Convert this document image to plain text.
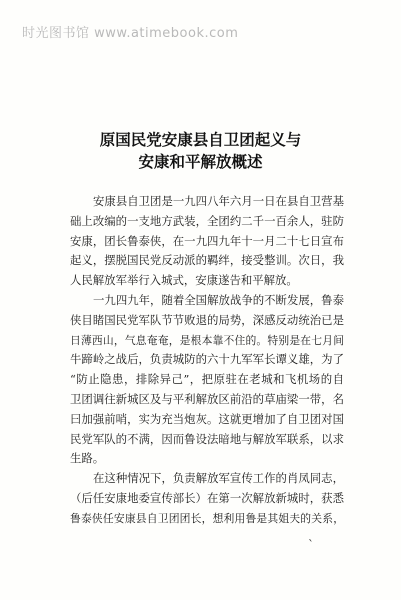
时光图书馆 www.atimebook.com
原国民党安康县自卫团起义与
安康和平解放概述
安康县自卫团是一九四八年六月一日在县自卫营基
础上改编的一支地方武装，全团约二千一百余人，驻防
安康，团长鲁泰侠，在一九四九年十一月二十七日宣布
起义，摆脱国民党反动派的羁绊，接受整训。次日，我
人民解放军举行入城式，安康遂告和平解放。
一九四九年，随着全国解放战争的不断发展，鲁泰
侠目睹国民党军队节节败退的局势，深感反动统治已是
日薄西山，气息奄奄，是根本靠不住的。特别是在七月间
牛蹄岭之战后，负责城防的六十九军军长谭义雄，为了
“防止隐患，排除异己”，把原驻在老城和飞机场的自
卫团调往新城区及与平利解放区前沿的草庙梁一带，名
曰加强前哨，实为充当炮灰。这就更增加了自卫团对国
民党军队的不满，因而鲁设法暗地与解放军联系，以求
生路。
在这种情况下，负责解放军宣传工作的肖凤同志，
（后任安康地委宣传部长）在第一次解放新城时，获悉
鲁泰侠任安康县自卫团团长，想利用鲁是其姐夫的关系，
ˋ
